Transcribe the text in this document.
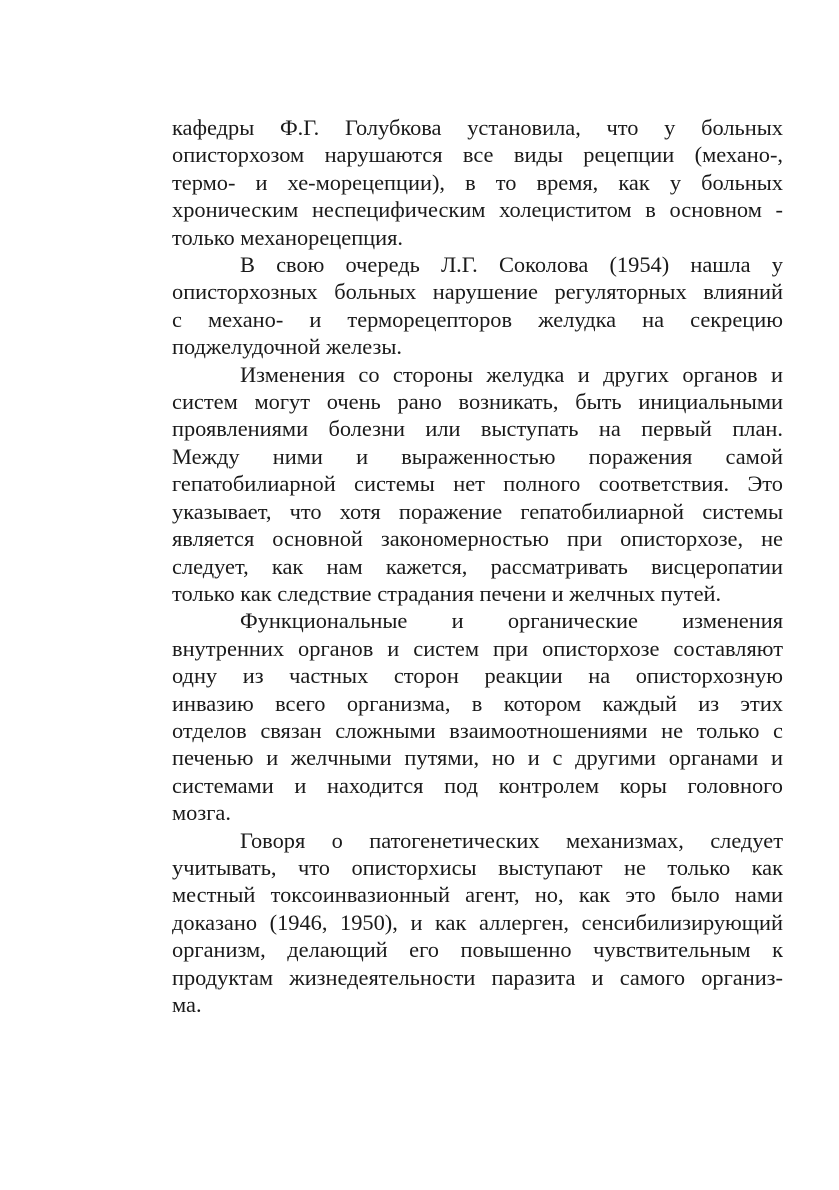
кафедры Ф.Г. Голубкова установила, что у больных
описторхозом нарушаются все виды рецепции (механо-,
термо- и хе-морецепции), в то время, как у больных
хроническим неспецифическим холециститом в основном -
только механорецепция.
В свою очередь Л.Г. Соколова (1954) нашла у
описторхозных больных нарушение регуляторных влияний
с механо- и терморецепторов желудка на секрецию
поджелудочной железы.
Изменения со стороны желудка и других органов и
систем могут очень рано возникать, быть инициальными
проявлениями болезни или выступать на первый план.
Между ними и выраженностью поражения самой
гепатобилиарной системы нет полного соответствия. Это
указывает, что хотя поражение гепатобилиарной системы
является основной закономерностью при описторхозе, не
следует, как нам кажется, рассматривать висцеропатии
только как следствие страдания печени и желчных путей.
Функциональные и органические изменения
внутренних органов и систем при описторхозе составляют
одну из частных сторон реакции на описторхозную
инвазию всего организма, в котором каждый из этих
отделов связан сложными взаимоотношениями не только с
печенью и желчными путями, но и с другими органами и
системами и находится под контролем коры головного
мозга.
Говоря о патогенетических механизмах, следует
учитывать, что описторхисы выступают не только как
местный токсоинвазионный агент, но, как это было нами
доказано (1946, 1950), и как аллерген, сенсибилизирующий
организм, делающий его повышенно чувствительным к
продуктам жизнедеятельности паразита и самого организ-
ма.
